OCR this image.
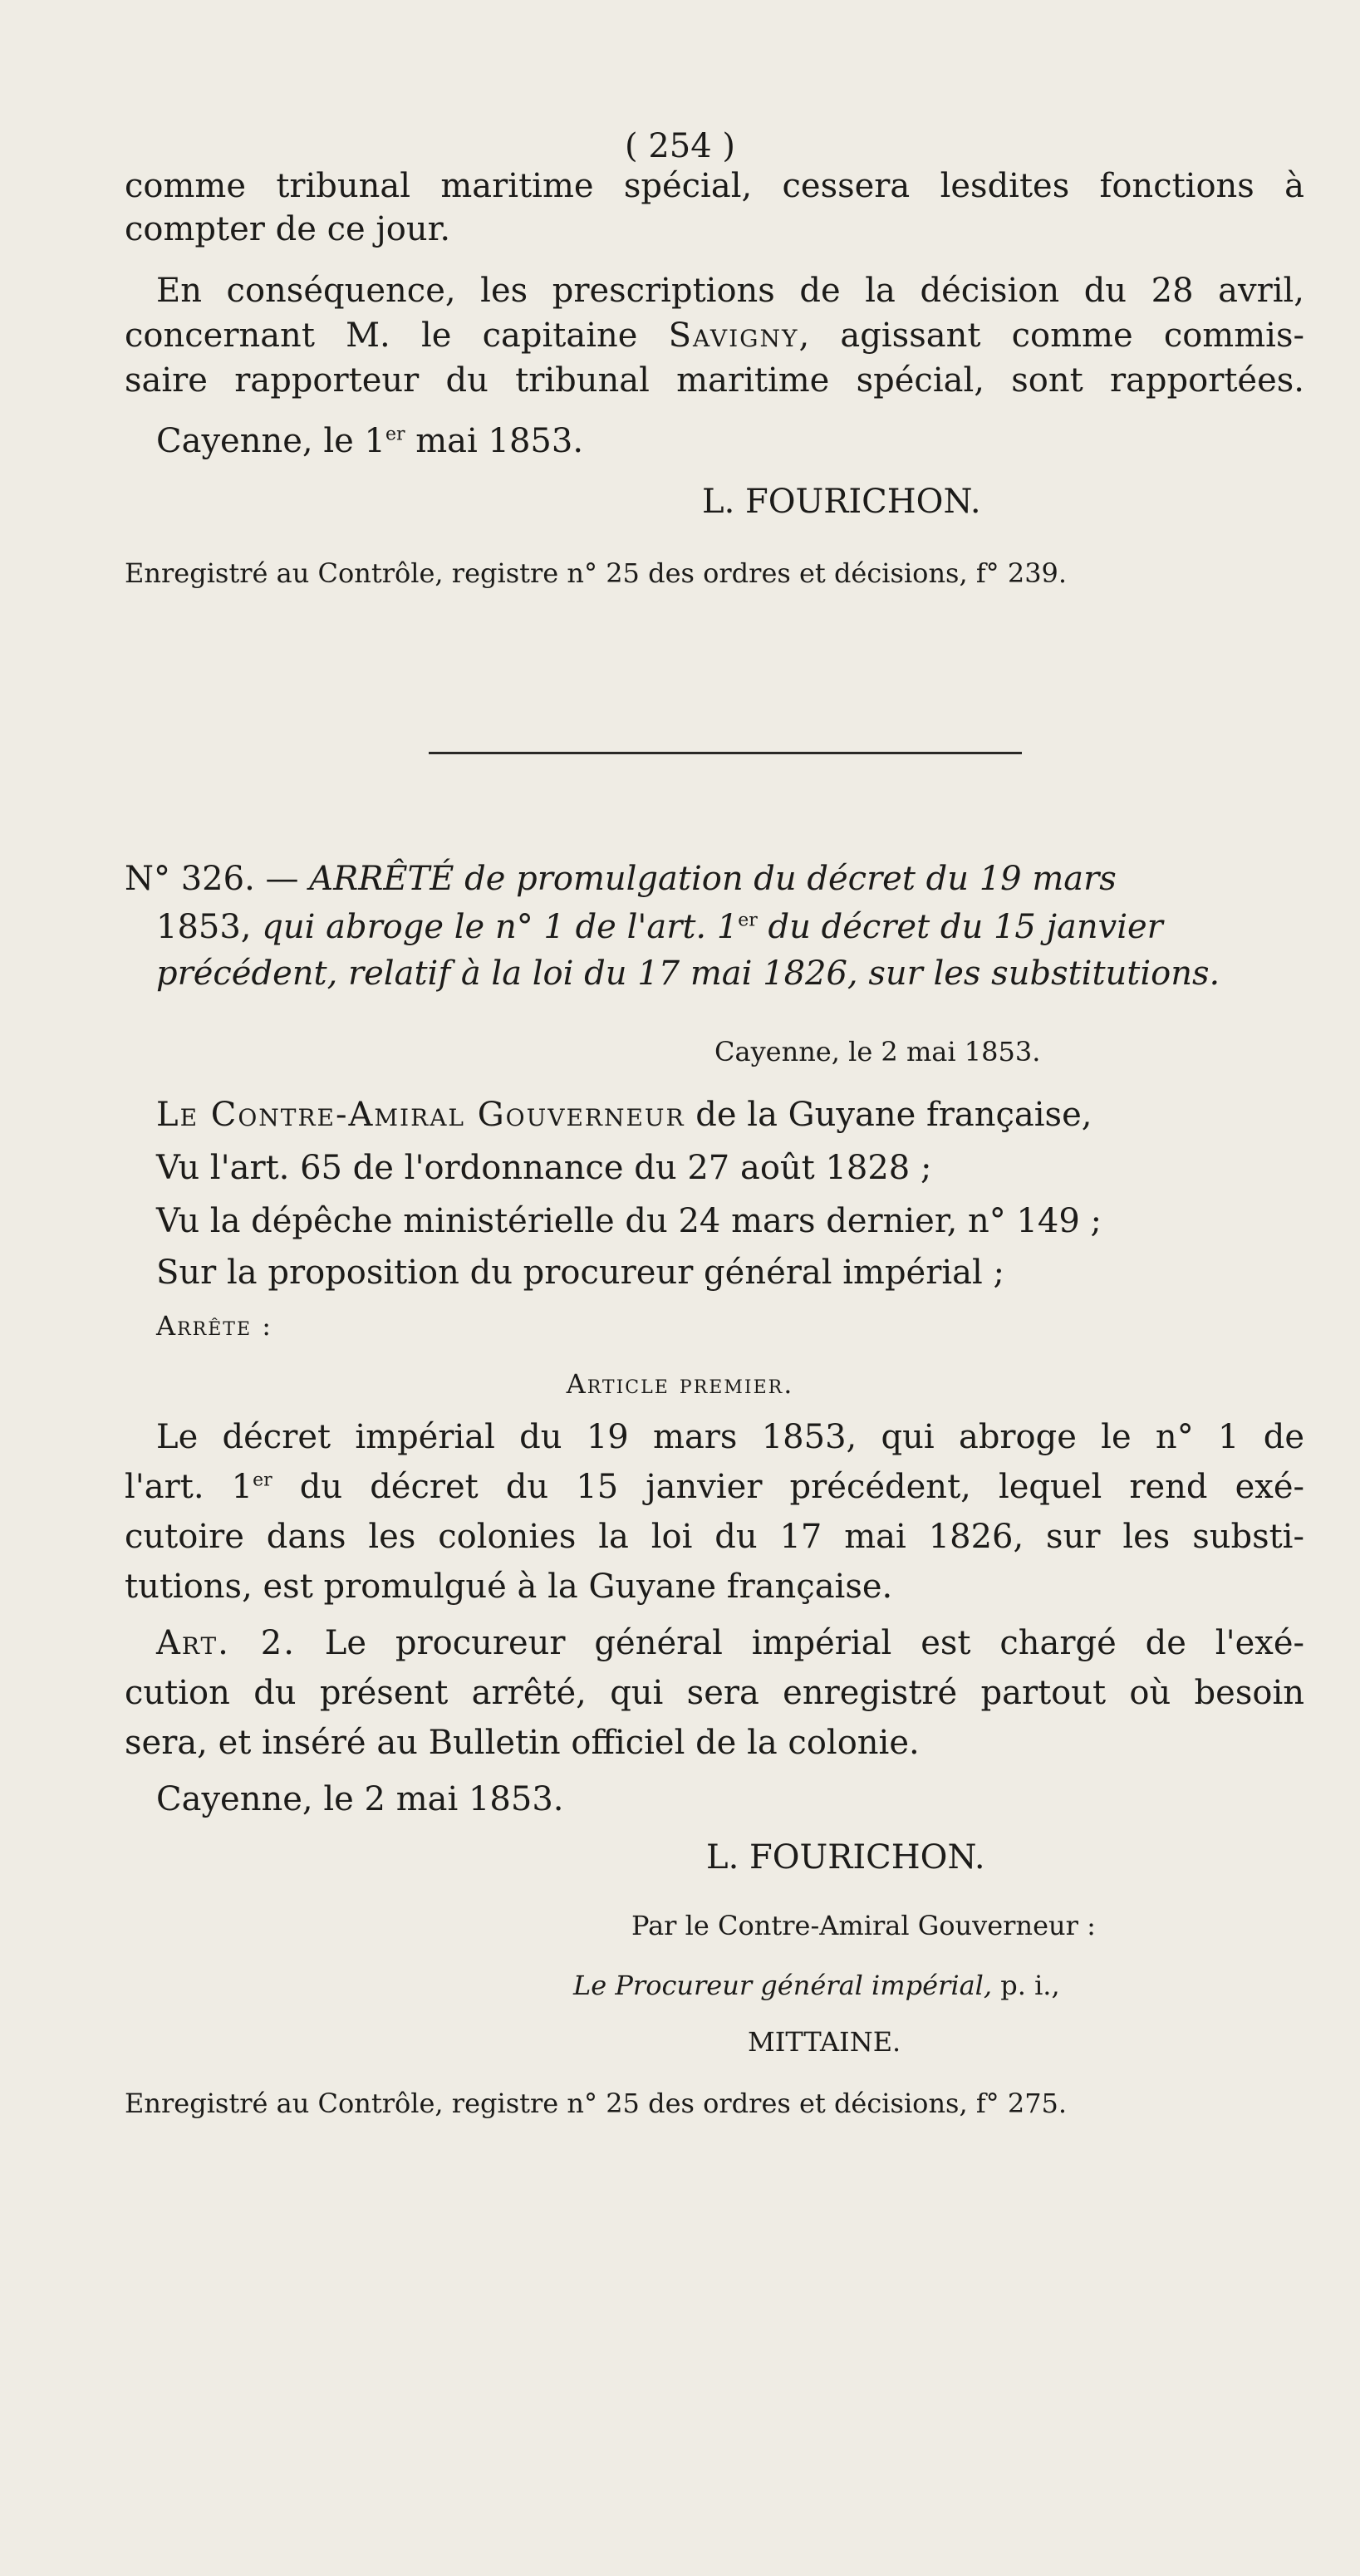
( 254 )

comme tribunal maritime spécial, cessera lesdites fonctions à

compter de ce jour.

En conséquence, les prescriptions de la décision du 28 avril,

concernant M. le capitaine Savigny, agissant comme commis-

saire rapporteur du tribunal maritime spécial, sont rapportées.

Cayenne, le 1er mai 1853.

L. FOURICHON.

Enregistré au Contrôle, registre n° 25 des ordres et décisions, f° 239.

N° 326. — ARRÊTÉ de promulgation du décret du 19 mars

1853, qui abroge le n° 1 de l'art. 1er du décret du 15 janvier

précédent, relatif à la loi du 17 mai 1826, sur les substitutions.

Cayenne, le 2 mai 1853.

Le Contre-Amiral Gouverneur de la Guyane française,

Vu l'art. 65 de l'ordonnance du 27 août 1828 ;

Vu la dépêche ministérielle du 24 mars dernier, n° 149 ;

Sur la proposition du procureur général impérial ;

Arrête :

Article premier.

Le décret impérial du 19 mars 1853, qui abroge le n° 1 de

l'art. 1er du décret du 15 janvier précédent, lequel rend exé-

cutoire dans les colonies la loi du 17 mai 1826, sur les substi-

tutions, est promulgué à la Guyane française.

Art. 2. Le procureur général impérial est chargé de l'exé-

cution du présent arrêté, qui sera enregistré partout où besoin

sera, et inséré au Bulletin officiel de la colonie.

Cayenne, le 2 mai 1853.

L. FOURICHON.

Par le Contre-Amiral Gouverneur :

Le Procureur général impérial, p. i.,

MITTAINE.

Enregistré au Contrôle, registre n° 25 des ordres et décisions, f° 275.
